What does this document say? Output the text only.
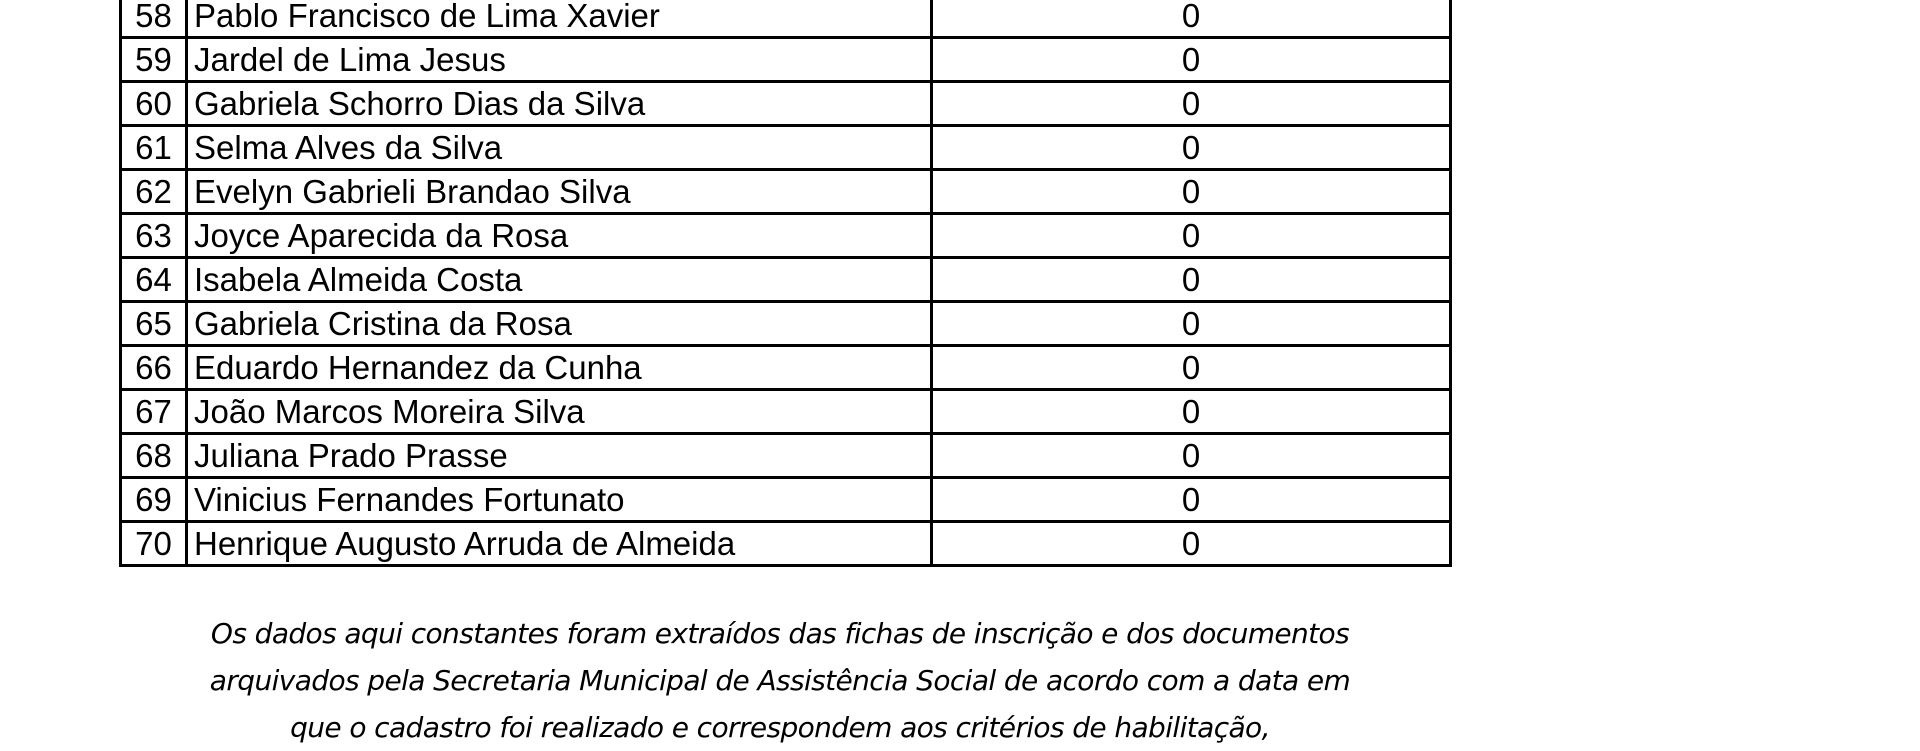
58	Pablo Francisco de Lima Xavier	0
59	Jardel de Lima Jesus	0
60	Gabriela Schorro Dias da Silva	0
61	Selma Alves da Silva	0
62	Evelyn Gabrieli Brandao Silva	0
63	Joyce Aparecida da Rosa	0
64	Isabela Almeida Costa	0
65	Gabriela Cristina da Rosa	0
66	Eduardo Hernandez da Cunha	0
67	João Marcos Moreira Silva	0
68	Juliana Prado Prasse	0
69	Vinicius Fernandes Fortunato	0
70	Henrique Augusto Arruda de Almeida	0

Os dados aqui constantes foram extraídos das fichas de inscrição e dos documentos

arquivados pela Secretaria Municipal de Assistência Social de acordo com a data em

que o cadastro foi realizado e correspondem aos critérios de habilitação,
